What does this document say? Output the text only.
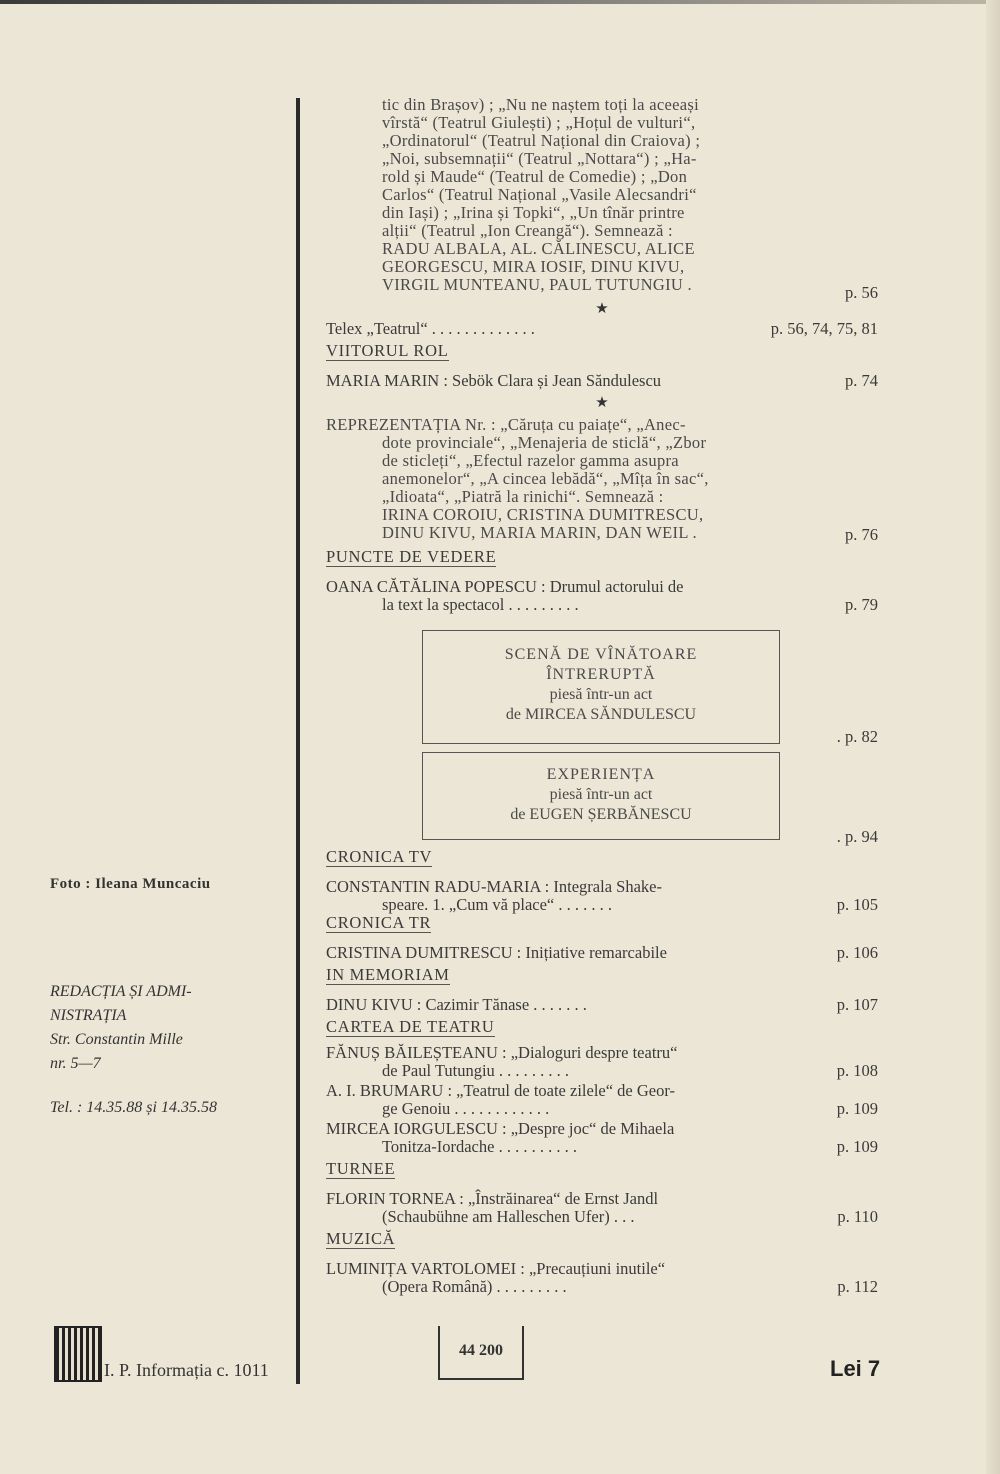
tic din Brașov) ; „Nu ne naștem toți la aceeași
vîrstă“ (Teatrul Giulești) ; „Hoțul de vulturi“,
„Ordinatorul“ (Teatrul Național din Craiova) ;
„Noi, subsemnații“ (Teatrul „Nottara“) ; „Ha-
rold și Maude“ (Teatrul de Comedie) ; „Don
Carlos“ (Teatrul Național „Vasile Alecsandri“
din Iași) ; „Irina și Topki“, „Un tînăr printre
alții“ (Teatrul „Ion Creangă“). Semnează :
RADU ALBALA, AL. CĂLINESCU, ALICE
GEORGESCU, MIRA IOSIF, DINU KIVU,
VIRGIL MUNTEANU, PAUL TUTUNGIU .	p. 56
★
Telex „Teatrul“ . . . . . . . . . . . . .	p. 56, 74, 75, 81
VIITORUL ROL
MARIA MARIN : Sebök Clara și Jean Săndulescu	p. 74
★
REPREZENTAȚIA Nr. : „Căruța cu paiațe“, „Anec-
dote provinciale“, „Menajeria de sticlă“, „Zbor
de sticleți“, „Efectul razelor gamma asupra
anemonelor“, „A cincea lebădă“, „Mîța în sac“,
„Idioata“, „Piatră la rinichi“. Semnează :
IRINA COROIU, CRISTINA DUMITRESCU,
DINU KIVU, MARIA MARIN, DAN WEIL .	p. 76
PUNCTE DE VEDERE
OANA CĂTĂLINA POPESCU : Drumul actorului de
la text la spectacol . . . . . . . . .	p. 79
SCENĂ DE VÎNĂTOARE
ÎNTRERUPTĂ
piesă într-un act
de MIRCEA SĂNDULESCU
. p. 82
EXPERIENȚA
piesă într-un act
de EUGEN ȘERBĂNESCU
. p. 94
CRONICA TV
CONSTANTIN RADU-MARIA : Integrala Shake-
speare. 1. „Cum vă place“ . . . . . . .	p. 105
CRONICA TR
CRISTINA DUMITRESCU : Inițiative remarcabile	p. 106
IN MEMORIAM
DINU KIVU : Cazimir Tănase . . . . . . .	p. 107
CARTEA DE TEATRU
FĂNUȘ BĂILEȘTEANU : „Dialoguri despre teatru“
de Paul Tutungiu . . . . . . . . .	p. 108
A. I. BRUMARU : „Teatrul de toate zilele“ de Geor-
ge Genoiu . . . . . . . . . . . .	p. 109
MIRCEA IORGULESCU : „Despre joc“ de Mihaela
Tonitza-Iordache . . . . . . . . . .	p. 109
TURNEE
FLORIN TORNEA : „Înstrăinarea“ de Ernst Jandl
(Schaubühne am Halleschen Ufer) . . .	p. 110
MUZICĂ
LUMINIȚA VARTOLOMEI : „Precauțiuni inutile“
(Opera Română) . . . . . . . . .	p. 112
Foto : Ileana Muncaciu
REDACȚIA ȘI ADMI-
NISTRAȚIA
Str. Constantin Mille
nr. 5—7
Tel. : 14.35.88 și 14.35.58
I. P. Informația c. 1011
44 200
Lei 7
